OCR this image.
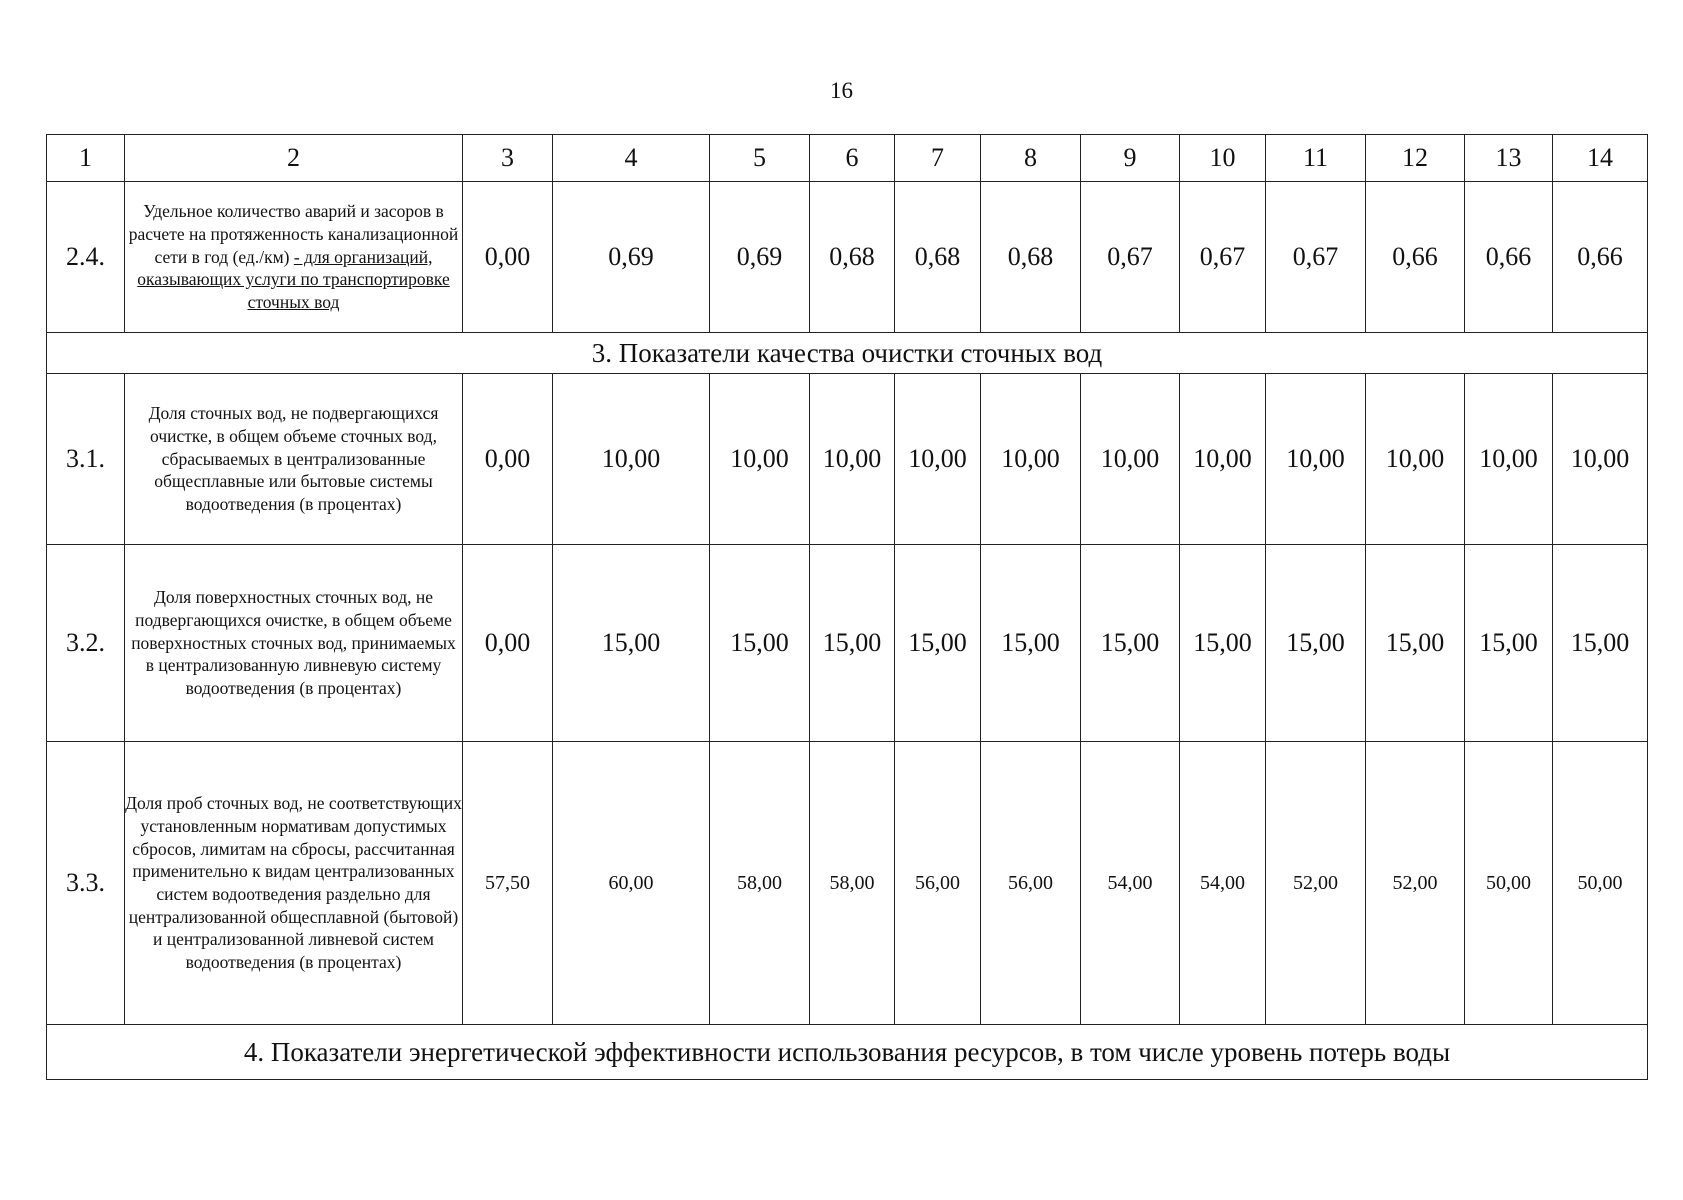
16
1	2	3	4	5	6	7	8	9	10	11	12	13	14
2.4.	Удельное количество аварий и засоров в расчете на протяженность канализационной сети в год (ед./км) - для организаций, оказывающих услуги по транспортировке сточных вод	0,00	0,69	0,69	0,68	0,68	0,68	0,67	0,67	0,67	0,66	0,66	0,66
3. Показатели качества очистки сточных вод													
3.1.	Доля сточных вод, не подвергающихся очистке, в общем объеме сточных вод, сбрасываемых в централизованные общесплавные или бытовые системы водоотведения (в процентах)	0,00	10,00	10,00	10,00	10,00	10,00	10,00	10,00	10,00	10,00	10,00	10,00
3.2.	Доля поверхностных сточных вод, не подвергающихся очистке, в общем объеме поверхностных сточных вод, принимаемых в централизованную ливневую систему водоотведения (в процентах)	0,00	15,00	15,00	15,00	15,00	15,00	15,00	15,00	15,00	15,00	15,00	15,00
3.3.	Доля проб сточных вод, не соответствующих установленным нормативам допустимых сбросов, лимитам на сбросы, рассчитанная применительно к видам централизованных систем водоотведения раздельно для централизованной общесплавной (бытовой) и централизованной ливневой систем водоотведения (в процентах)	57,50	60,00	58,00	58,00	56,00	56,00	54,00	54,00	52,00	52,00	50,00	50,00
4. Показатели энергетической эффективности использования ресурсов, в том числе уровень потерь воды													
